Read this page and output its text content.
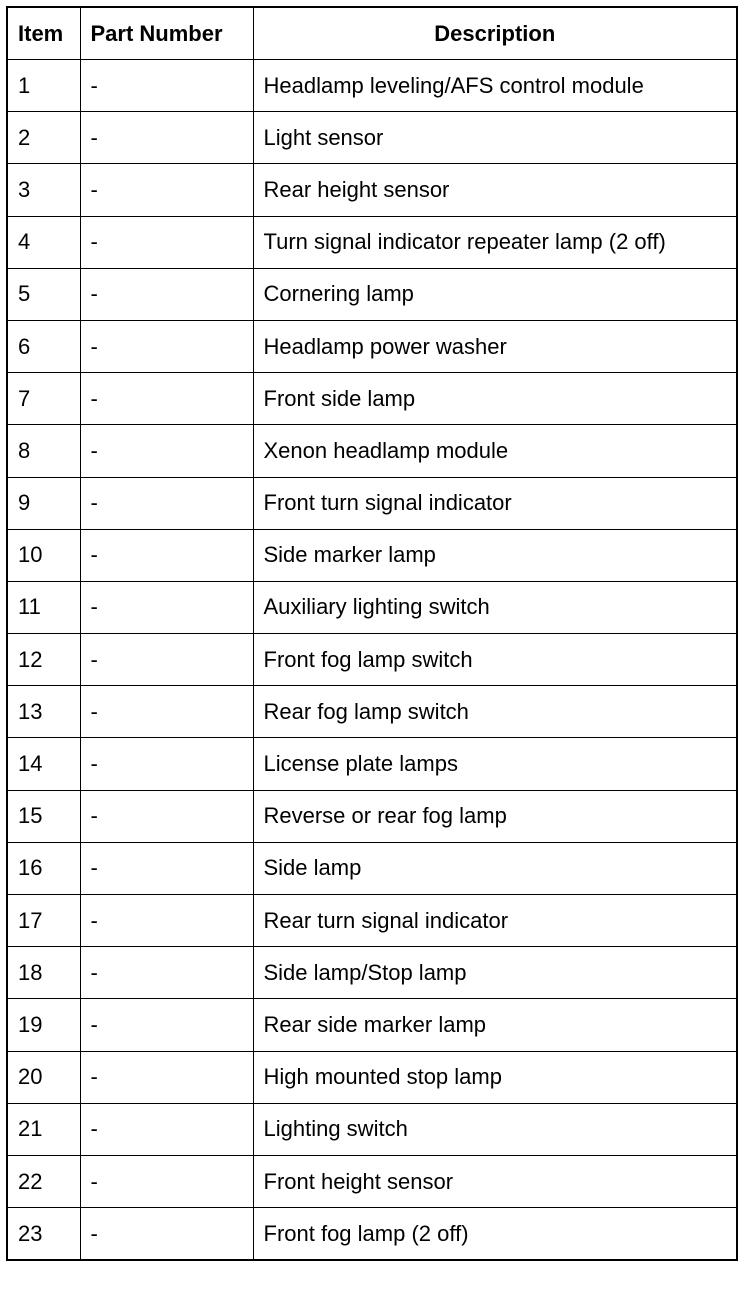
Item	Part Number	Description
1	-	Headlamp leveling/AFS control module
2	-	Light sensor
3	-	Rear height sensor
4	-	Turn signal indicator repeater lamp (2 off)
5	-	Cornering lamp
6	-	Headlamp power washer
7	-	Front side lamp
8	-	Xenon headlamp module
9	-	Front turn signal indicator
10	-	Side marker lamp
11	-	Auxiliary lighting switch
12	-	Front fog lamp switch
13	-	Rear fog lamp switch
14	-	License plate lamps
15	-	Reverse or rear fog lamp
16	-	Side lamp
17	-	Rear turn signal indicator
18	-	Side lamp/Stop lamp
19	-	Rear side marker lamp
20	-	High mounted stop lamp
21	-	Lighting switch
22	-	Front height sensor
23	-	Front fog lamp (2 off)
